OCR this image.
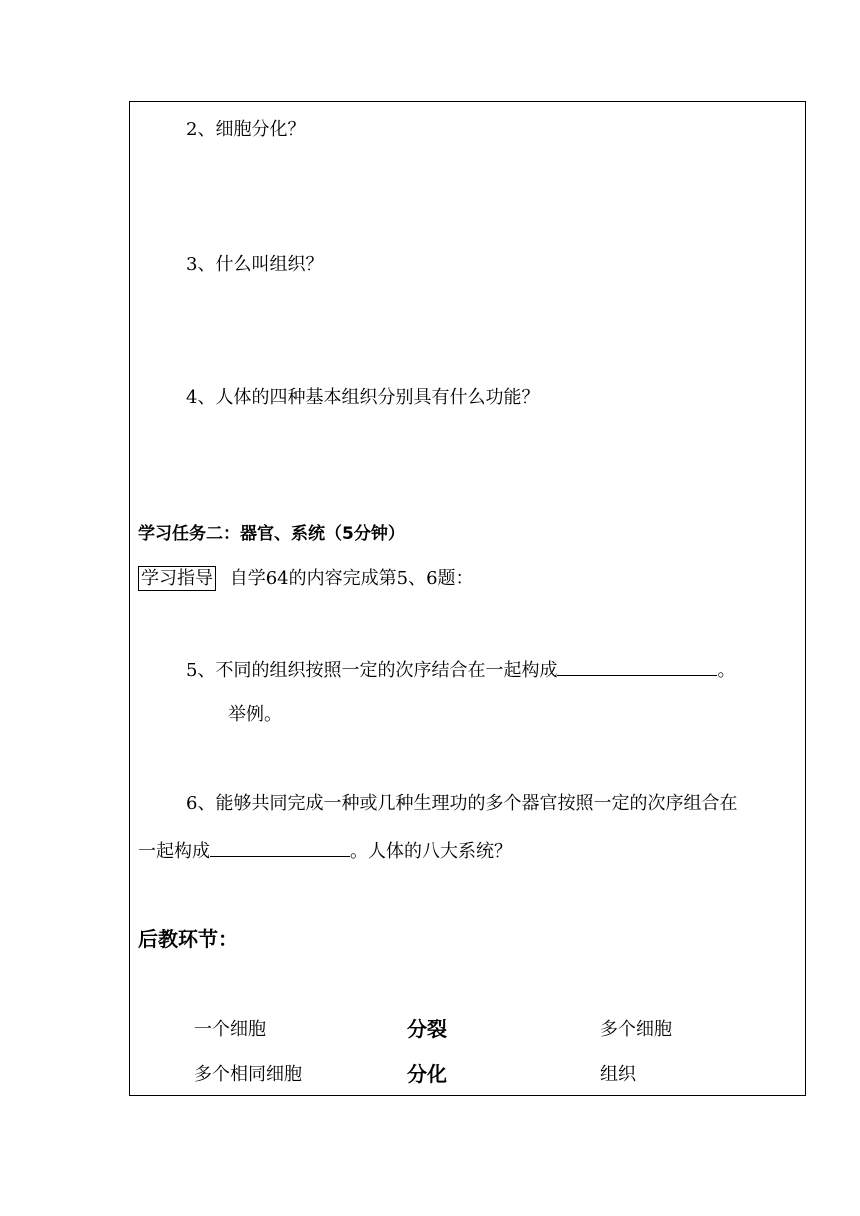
2、细胞分化？
3、什么叫组织？
4、人体的四种基本组织分别具有什么功能？
学习任务二：器官、系统（5分钟）
学习指导 自学64的内容完成第5、6题：
5、不同的组织按照一定的次序结合在一起构成	。
举例。
6、能够共同完成一种或几种生理功的多个器官按照一定的次序组合在
一起构成	。人体的八大系统？
后教环节：
一个细胞	分裂	多个细胞
多个相同细胞	分化	组织
